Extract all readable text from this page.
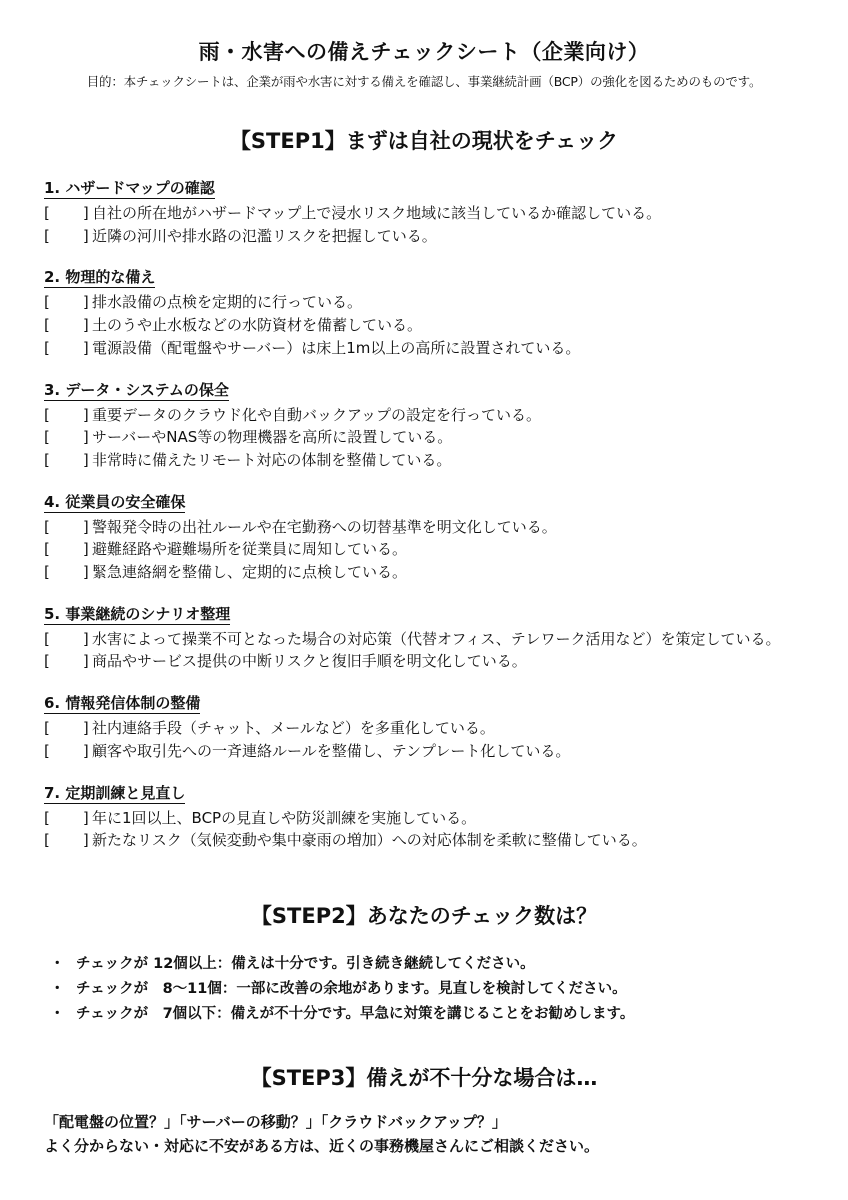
雨・水害への備えチェックシート（企業向け）
目的：本チェックシートは、企業が雨や水害に対する備えを確認し、事業継続計画（BCP）の強化を図るためのものです。
【STEP1】まずは自社の現状をチェック
1. ハザードマップの確認
[　　] 自社の所在地がハザードマップ上で浸水リスク地域に該当しているか確認している。
[　　] 近隣の河川や排水路の氾濫リスクを把握している。
2. 物理的な備え
[　　] 排水設備の点検を定期的に行っている。
[　　] 土のうや止水板などの水防資材を備蓄している。
[　　] 電源設備（配電盤やサーバー）は床上1m以上の高所に設置されている。
3. データ・システムの保全
[　　] 重要データのクラウド化や自動バックアップの設定を行っている。
[　　] サーバーやNAS等の物理機器を高所に設置している。
[　　] 非常時に備えたリモート対応の体制を整備している。
4. 従業員の安全確保
[　　] 警報発令時の出社ルールや在宅勤務への切替基準を明文化している。
[　　] 避難経路や避難場所を従業員に周知している。
[　　] 緊急連絡網を整備し、定期的に点検している。
5. 事業継続のシナリオ整理
[　　] 水害によって操業不可となった場合の対応策（代替オフィス、テレワーク活用など）を策定している。
[　　] 商品やサービス提供の中断リスクと復旧手順を明文化している。
6. 情報発信体制の整備
[　　] 社内連絡手段（チャット、メールなど）を多重化している。
[　　] 顧客や取引先への一斉連絡ルールを整備し、テンプレート化している。
7. 定期訓練と見直し
[　　] 年に1回以上、BCPの見直しや防災訓練を実施している。
[　　] 新たなリスク（気候変動や集中豪雨の増加）への対応体制を柔軟に整備している。
【STEP2】あなたのチェック数は？
・ チェックが 12個以上：備えは十分です。引き続き継続してください。
・ チェックが　8〜11個：一部に改善の余地があります。見直しを検討してください。
・ チェックが　7個以下：備えが不十分です。早急に対策を講じることをお勧めします。
【STEP3】備えが不十分な場合は…
「配電盤の位置？」「サーバーの移動？」「クラウドバックアップ？」
よく分からない・対応に不安がある方は、近くの事務機屋さんにご相談ください。
